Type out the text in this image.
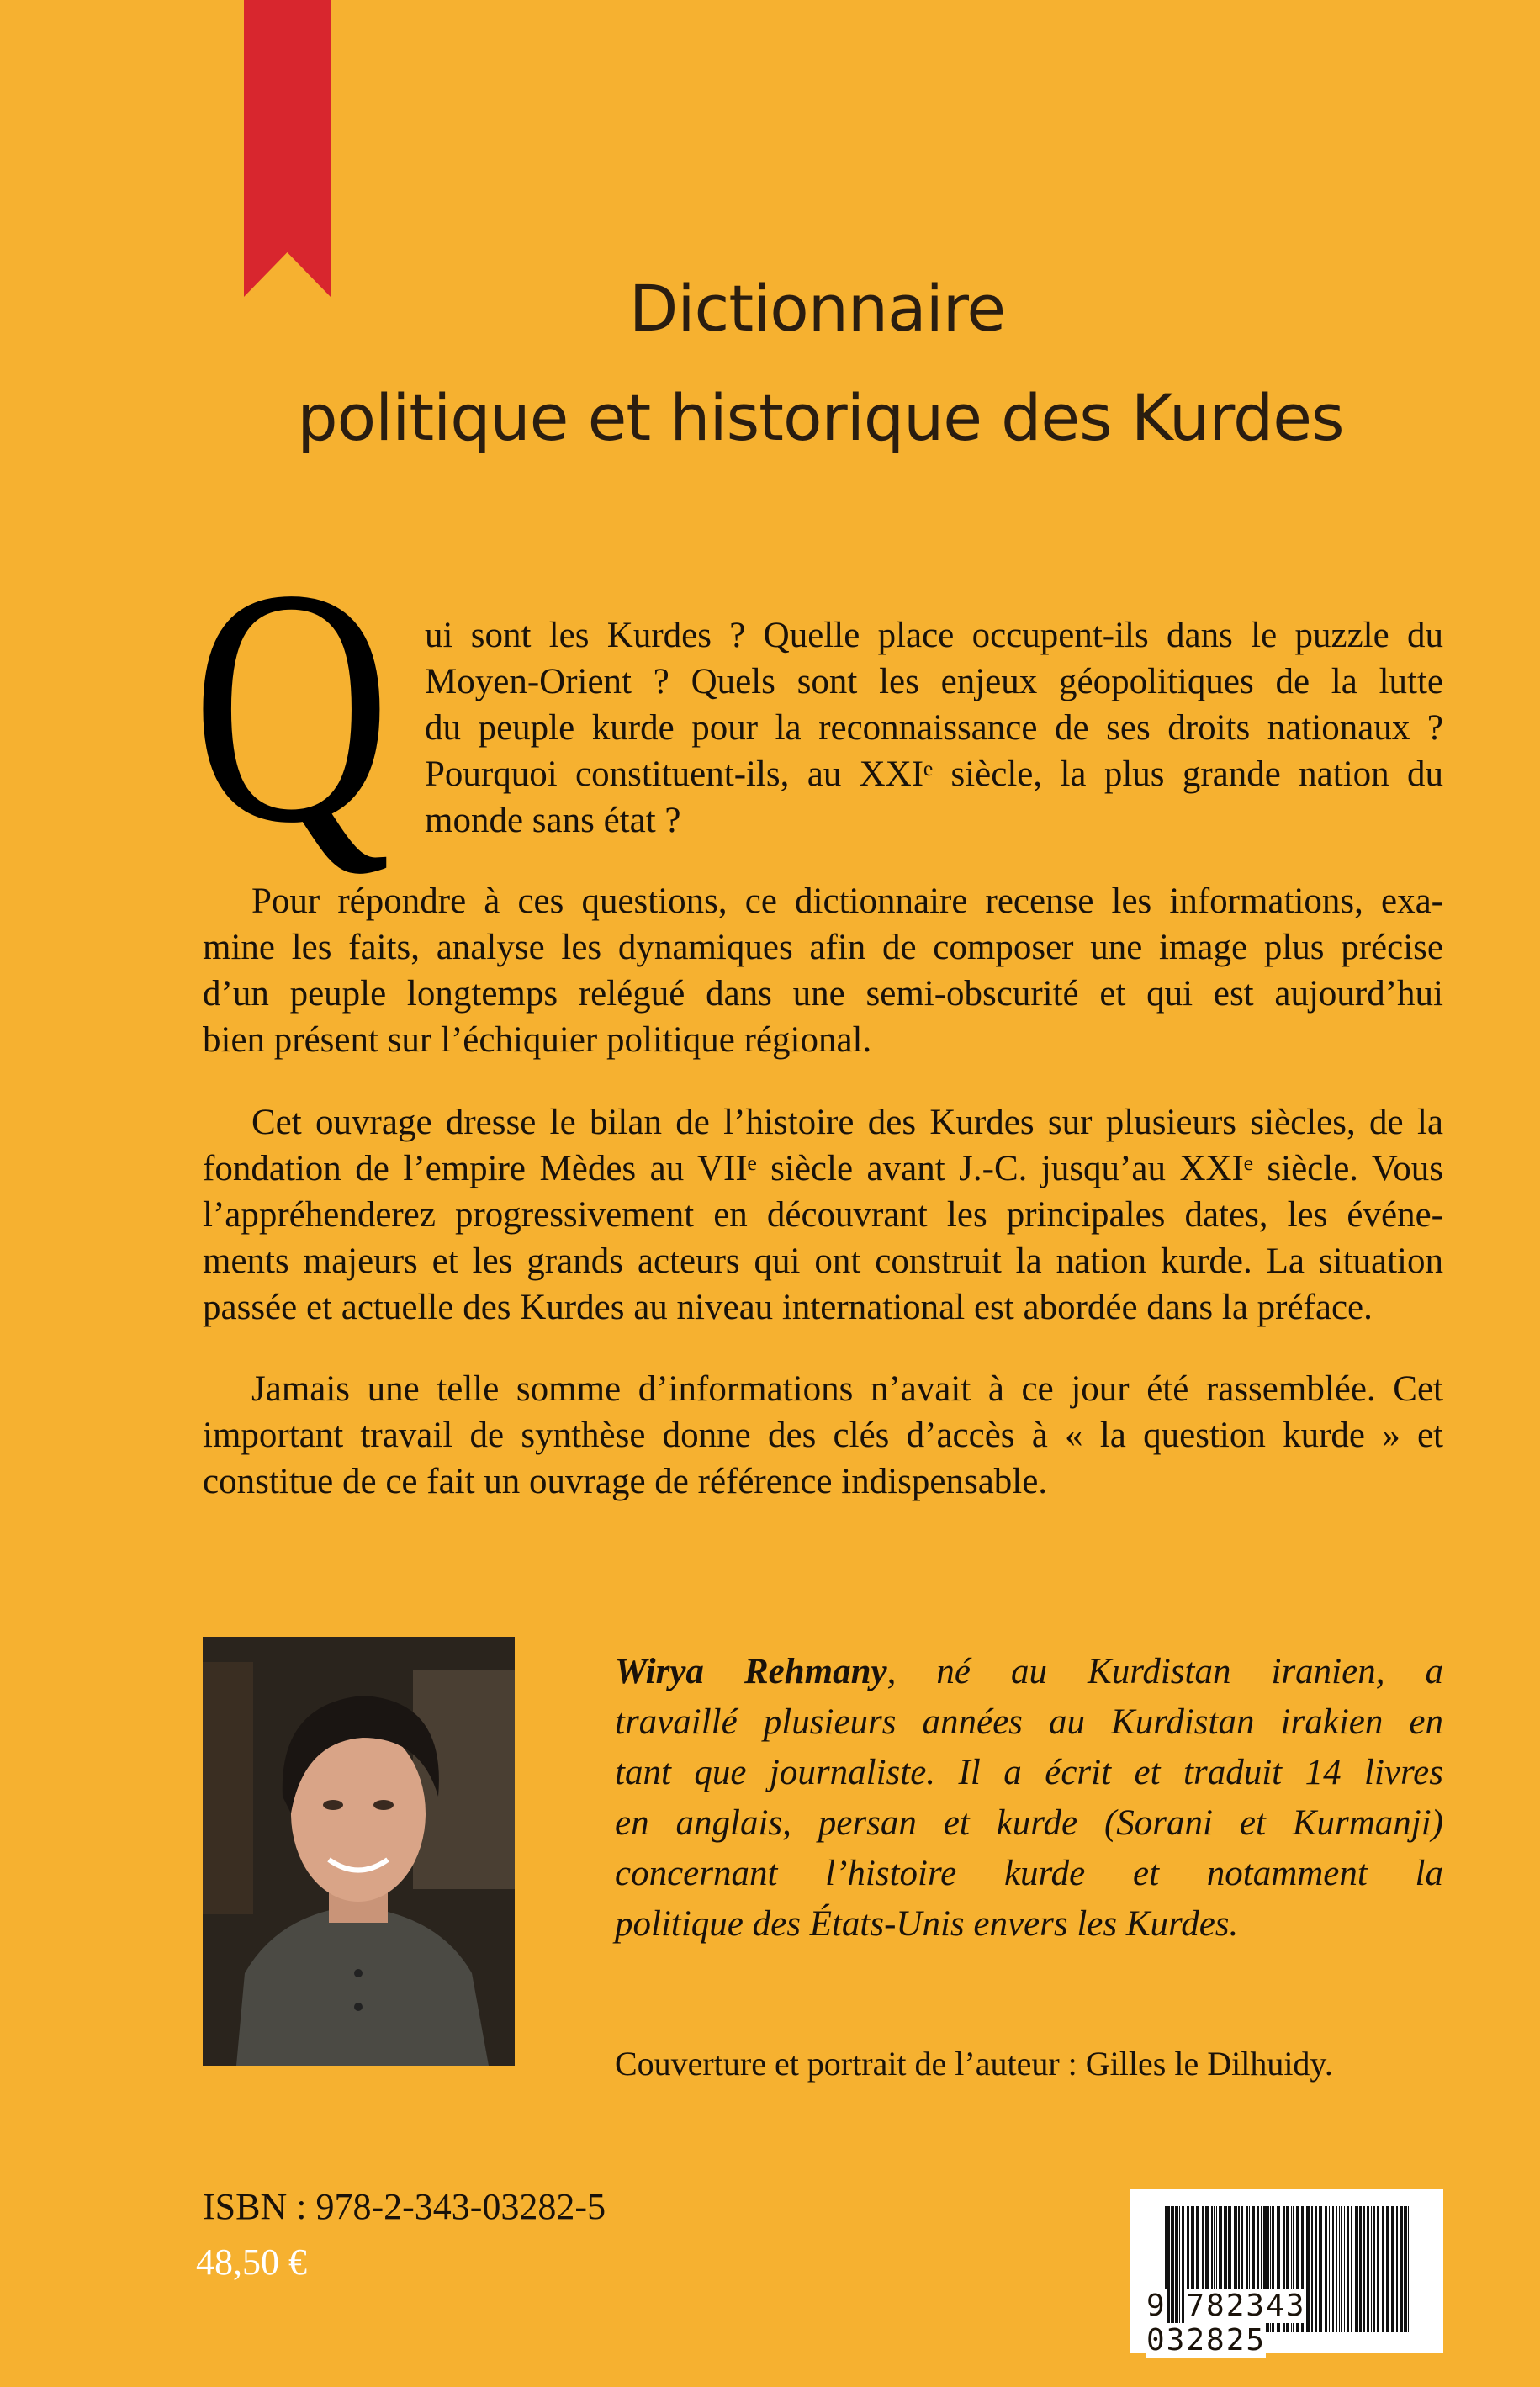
Dictionnaire
politique et historique des Kurdes
Q ui sont les Kurdes ? Quelle place occupent-ils dans le puzzle du
Moyen-Orient ? Quels sont les enjeux géopolitiques de la lutte
du peuple kurde pour la reconnaissance de ses droits nationaux ?
Pourquoi constituent-ils, au XXIᵉ siècle, la plus grande nation du
monde sans état ?
Pour répondre à ces questions, ce dictionnaire recense les informations, exa-
mine les faits, analyse les dynamiques afin de composer une image plus précise
d’un peuple longtemps relégué dans une semi-obscurité et qui est aujourd’hui
bien présent sur l’échiquier politique régional.
Cet ouvrage dresse le bilan de l’histoire des Kurdes sur plusieurs siècles, de la
fondation de l’empire Mèdes au VIIᵉ siècle avant J.-C. jusqu’au XXIᵉ siècle. Vous
l’appréhenderez progressivement en découvrant les principales dates, les événe-
ments majeurs et les grands acteurs qui ont construit la nation kurde. La situation
passée et actuelle des Kurdes au niveau international est abordée dans la préface.
Jamais une telle somme d’informations n’avait à ce jour été rassemblée. Cet
important travail de synthèse donne des clés d’accès à « la question kurde » et
constitue de ce fait un ouvrage de référence indispensable.
Wirya Rehmany, né au Kurdistan iranien, a
travaillé plusieurs années au Kurdistan irakien en
tant que journaliste. Il a écrit et traduit 14 livres
en anglais, persan et kurde (Sorani et Kurmanji)
concernant l’histoire kurde et notamment la
politique des États-Unis envers les Kurdes.
Couverture et portrait de l’auteur : Gilles le Dilhuidy.
ISBN : 978-2-343-03282-5
48,50 €
9 782343 032825
